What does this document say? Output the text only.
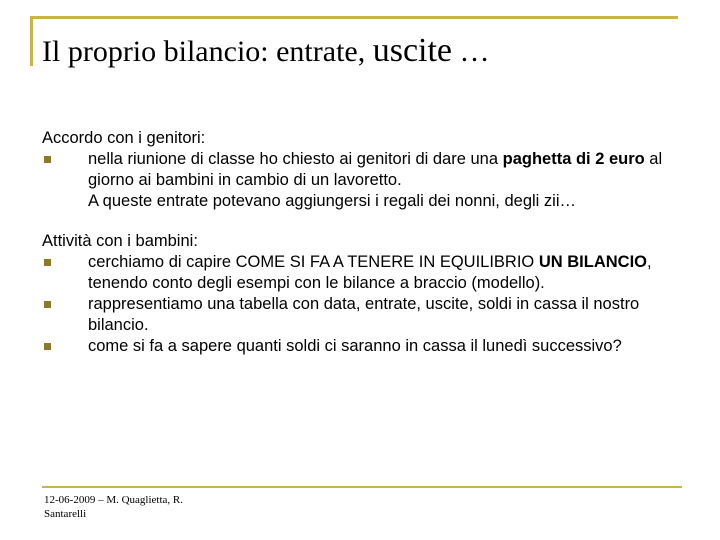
Il proprio bilancio: entrate, uscite …

Accordo con i genitori:

nella riunione di classe ho chiesto ai genitori di dare una paghetta di 2 euro al giorno ai bambini in cambio di un lavoretto.
A queste entrate potevano aggiungersi i regali dei nonni, degli zii…

Attività con i bambini:

cerchiamo di capire COME SI FA A TENERE IN EQUILIBRIO UN BILANCIO, tenendo conto degli esempi con le bilance a braccio (modello).
rappresentiamo una tabella con data, entrate, uscite, soldi in cassa il nostro bilancio.
come si fa a sapere quanti soldi ci saranno in cassa il lunedì successivo?
12-06-2009 – M. Quaglietta, R. Santarelli
